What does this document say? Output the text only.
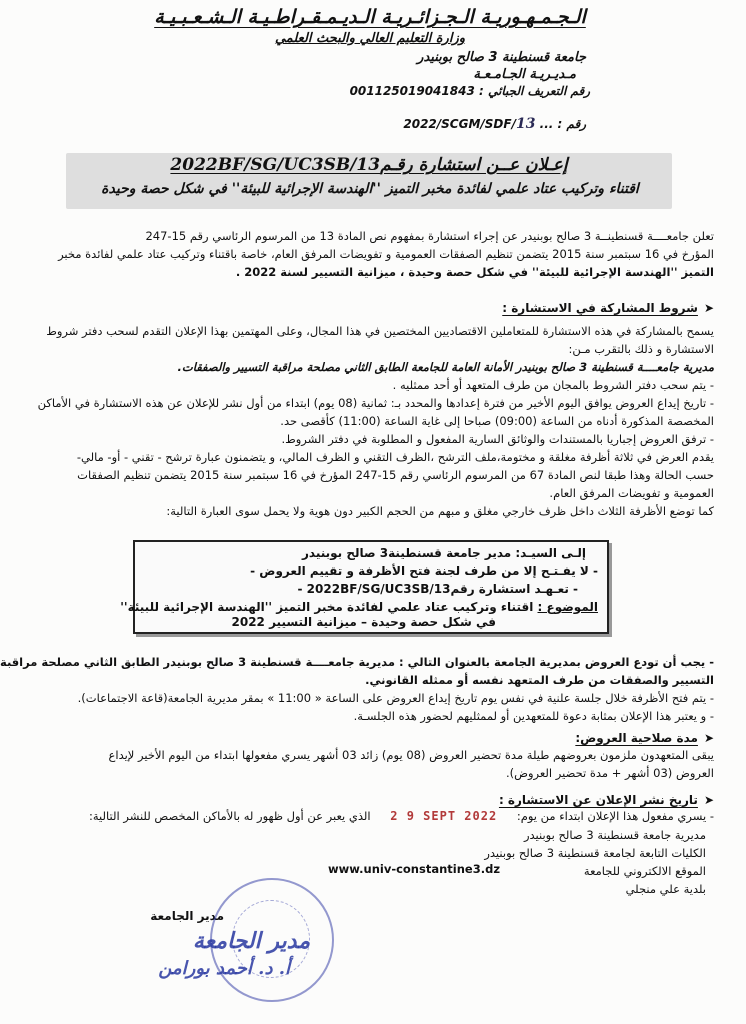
الـجـمـهـوريـة الـجـزائـريـة الـديـمـقـراطـيـة الـشـعـبـيـة
وزارة التعليم العالي والبحث العلمي
جامعة قسنطينة 3 صالح بوبنيدر
مـديـريـة الجـامـعـة
رقم التعريف الجبائي : 001125019041843
رقم : ... 2022/SCGM/SDF/13
إعـلان عــن استشارة رقـم2022BF/SG/UC3SB/13
اقتناء وتركيب عتاد علمي لفائدة مخبر التميز ''الهندسة الإجرائية للبيئة'' في شكل حصة وحيدة
تعلن جامعــــة قسنطينــة 3 صالح بوبنيدر عن إجراء استشارة بمفهوم نص المادة 13 من المرسوم الرئاسي رقم 15-247
المؤرخ في 16 سبتمبر سنة 2015 يتضمن تنظيم الصفقات العمومية و تفويضات المرفق العام، خاصة باقتناء وتركيب عتاد علمي لفائدة مخبر
التميز ''الهندسة الإجرائية للبيئة'' في شكل حصة وحيدة ، ميزانية التسيير لسنة 2022 .
➤شروط المشاركة في الاستشارة :
يسمح بالمشاركة في هذه الاستشارة للمتعاملين الاقتصاديين المختصين في هذا المجال، وعلى المهتمين بهذا الإعلان التقدم لسحب دفتر شروط
الاستشارة و ذلك بالتقرب مـن:
مديرية جامعــــة قسنطينة 3 صالح بوبنيدر الأمانة العامة للجامعة الطابق الثاني مصلحة مراقبة التسيير والصفقات.
- يتم سحب دفتر الشروط بالمجان من طرف المتعهد أو أحد ممثليه .
- تاريخ إيداع العروض يوافق اليوم الأخير من فترة إعدادها والمحدد بـ: ثمانية (08 يوم) ابتداء من أول نشر للإعلان عن هذه الاستشارة في الأماكن
المخصصة المذكورة أدناه من الساعة (09:00) صباحا إلى غاية الساعة (11:00) كأقصى حد.
- ترفق العروض إجباريا بالمستندات والوثائق السارية المفعول و المطلوبة في دفتر الشروط.
يقدم العرض في ثلاثة أظرفة مغلقة و مختومة،ملف الترشح ،الظرف التقني و الظرف المالي، و يتضمنون عبارة ترشح - تقني - أو- مالي-
حسب الحالة وهذا طبقا لنص المادة 67 من المرسوم الرئاسي رقم 15-247 المؤرخ في 16 سبتمبر سنة 2015 يتضمن تنظيم الصفقات
العمومية و تفويضات المرفق العام.
كما توضع الأظرفة الثلاث داخل ظرف خارجي مغلق و مبهم من الحجم الكبير دون هوية ولا يحمل سوى العبارة التالية:
إلـى السيـد: مدير جامعة قسنطينة3 صالح بوبنيدر
- لا يفـتـح إلا من طرف لجنة فتح الأظرفة و تقييم العروض -
- تعـهـد استشارة رقم2022BF/SG/UC3SB/13 -
الموضوع : اقتناء وتركيب عتاد علمي لفائدة مخبر التميز ''الهندسة الإجرائية للبيئة''
في شكل حصة وحيدة – ميزانية التسيير 2022
- يجب أن تودع العروض بمديرية الجامعة بالعنوان التالي : مديرية جامعــــة قسنطينة 3 صالح بوبنيدر الطابق الثاني مصلحة مراقبة
التسيير والصفقات من طرف المتعهد نفسه أو ممثله القانوني.
- يتم فتح الأظرفة خلال جلسة علنية في نفس يوم تاريخ إيداع العروض على الساعة « 11:00 » بمقر مديرية الجامعة(قاعة الاجتماعات).
- و يعتبر هذا الإعلان بمثابة دعوة للمتعهدين أو لممثليهم لحضور هذه الجلسـة.
➤مدة صلاحية العروض:
يبقى المتعهدون ملزمون بعروضهم طيلة مدة تحضير العروض (08 يوم) زائد 03 أشهر يسري مفعولها ابتداء من اليوم الأخير لإيداع
العروض (03 أشهر + مدة تحضير العروض).
➤تاريخ نشر الإعلان عن الاستشارة :
- يسري مفعول هذا الإعلان ابتداء من يوم: 2 9 SEPT 2022 الذي يعبر عن أول ظهور له بالأماكن المخصص للنشر التالية:
مديرية جامعة قسنطينة 3 صالح بوبنيدر
الكليات التابعة لجامعة قسنطينة 3 صالح بوبنيدر
الموقع الالكتروني للجامعة
www.univ-constantine3.dz
بلدية علي منجلي
مدير الجامعة
مدير الجامعة
أ. د. أحمد بورامن
